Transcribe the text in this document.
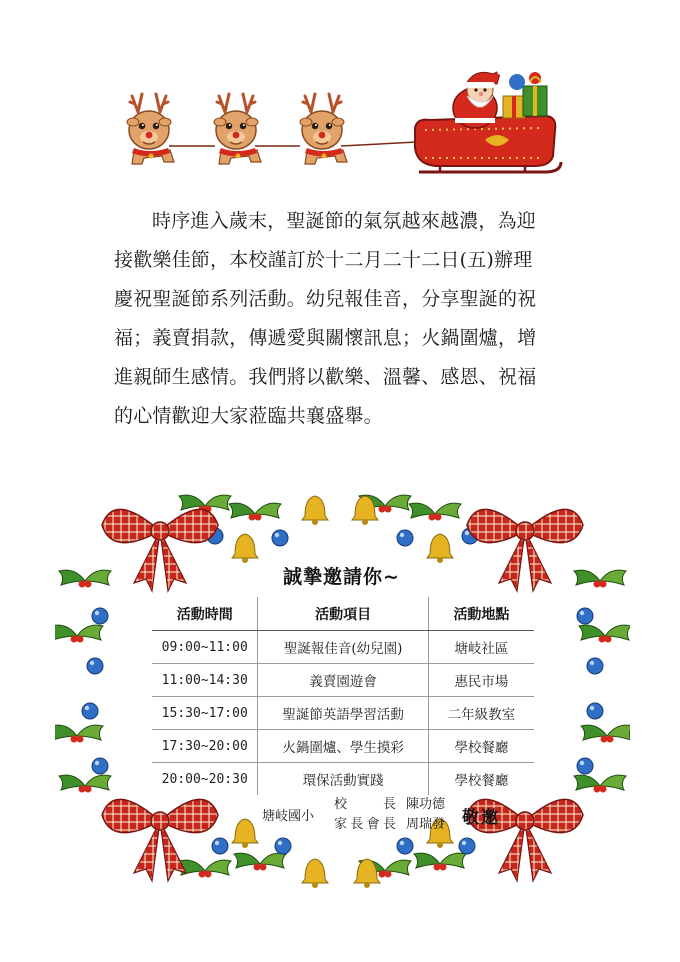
時序進入歲末，聖誕節的氣氛越來越濃，為迎
接歡樂佳節，本校謹訂於十二月二十二日(五)辦理
慶祝聖誕節系列活動。幼兒報佳音，分享聖誕的祝
福；義賣捐款，傳遞愛與關懷訊息；火鍋圍爐，增
進親師生感情。我們將以歡樂、溫馨、感恩、祝福
的心情歡迎大家蒞臨共襄盛舉。
誠摯邀請你~
活動時間	活動項目	活動地點
09:00~11:00	聖誕報佳音(幼兒園)	塘岐社區
11:00~14:30	義賣園遊會	惠民市場
15:30~17:00	聖誕節英語學習活動	二年級教室
17:30~20:00	火鍋圍爐、學生摸彩	學校餐廳
20:00~20:30	環保活動實踐	學校餐廳
塘岐國小
校長 陳功德
家長會長 周瑞發 敬邀
